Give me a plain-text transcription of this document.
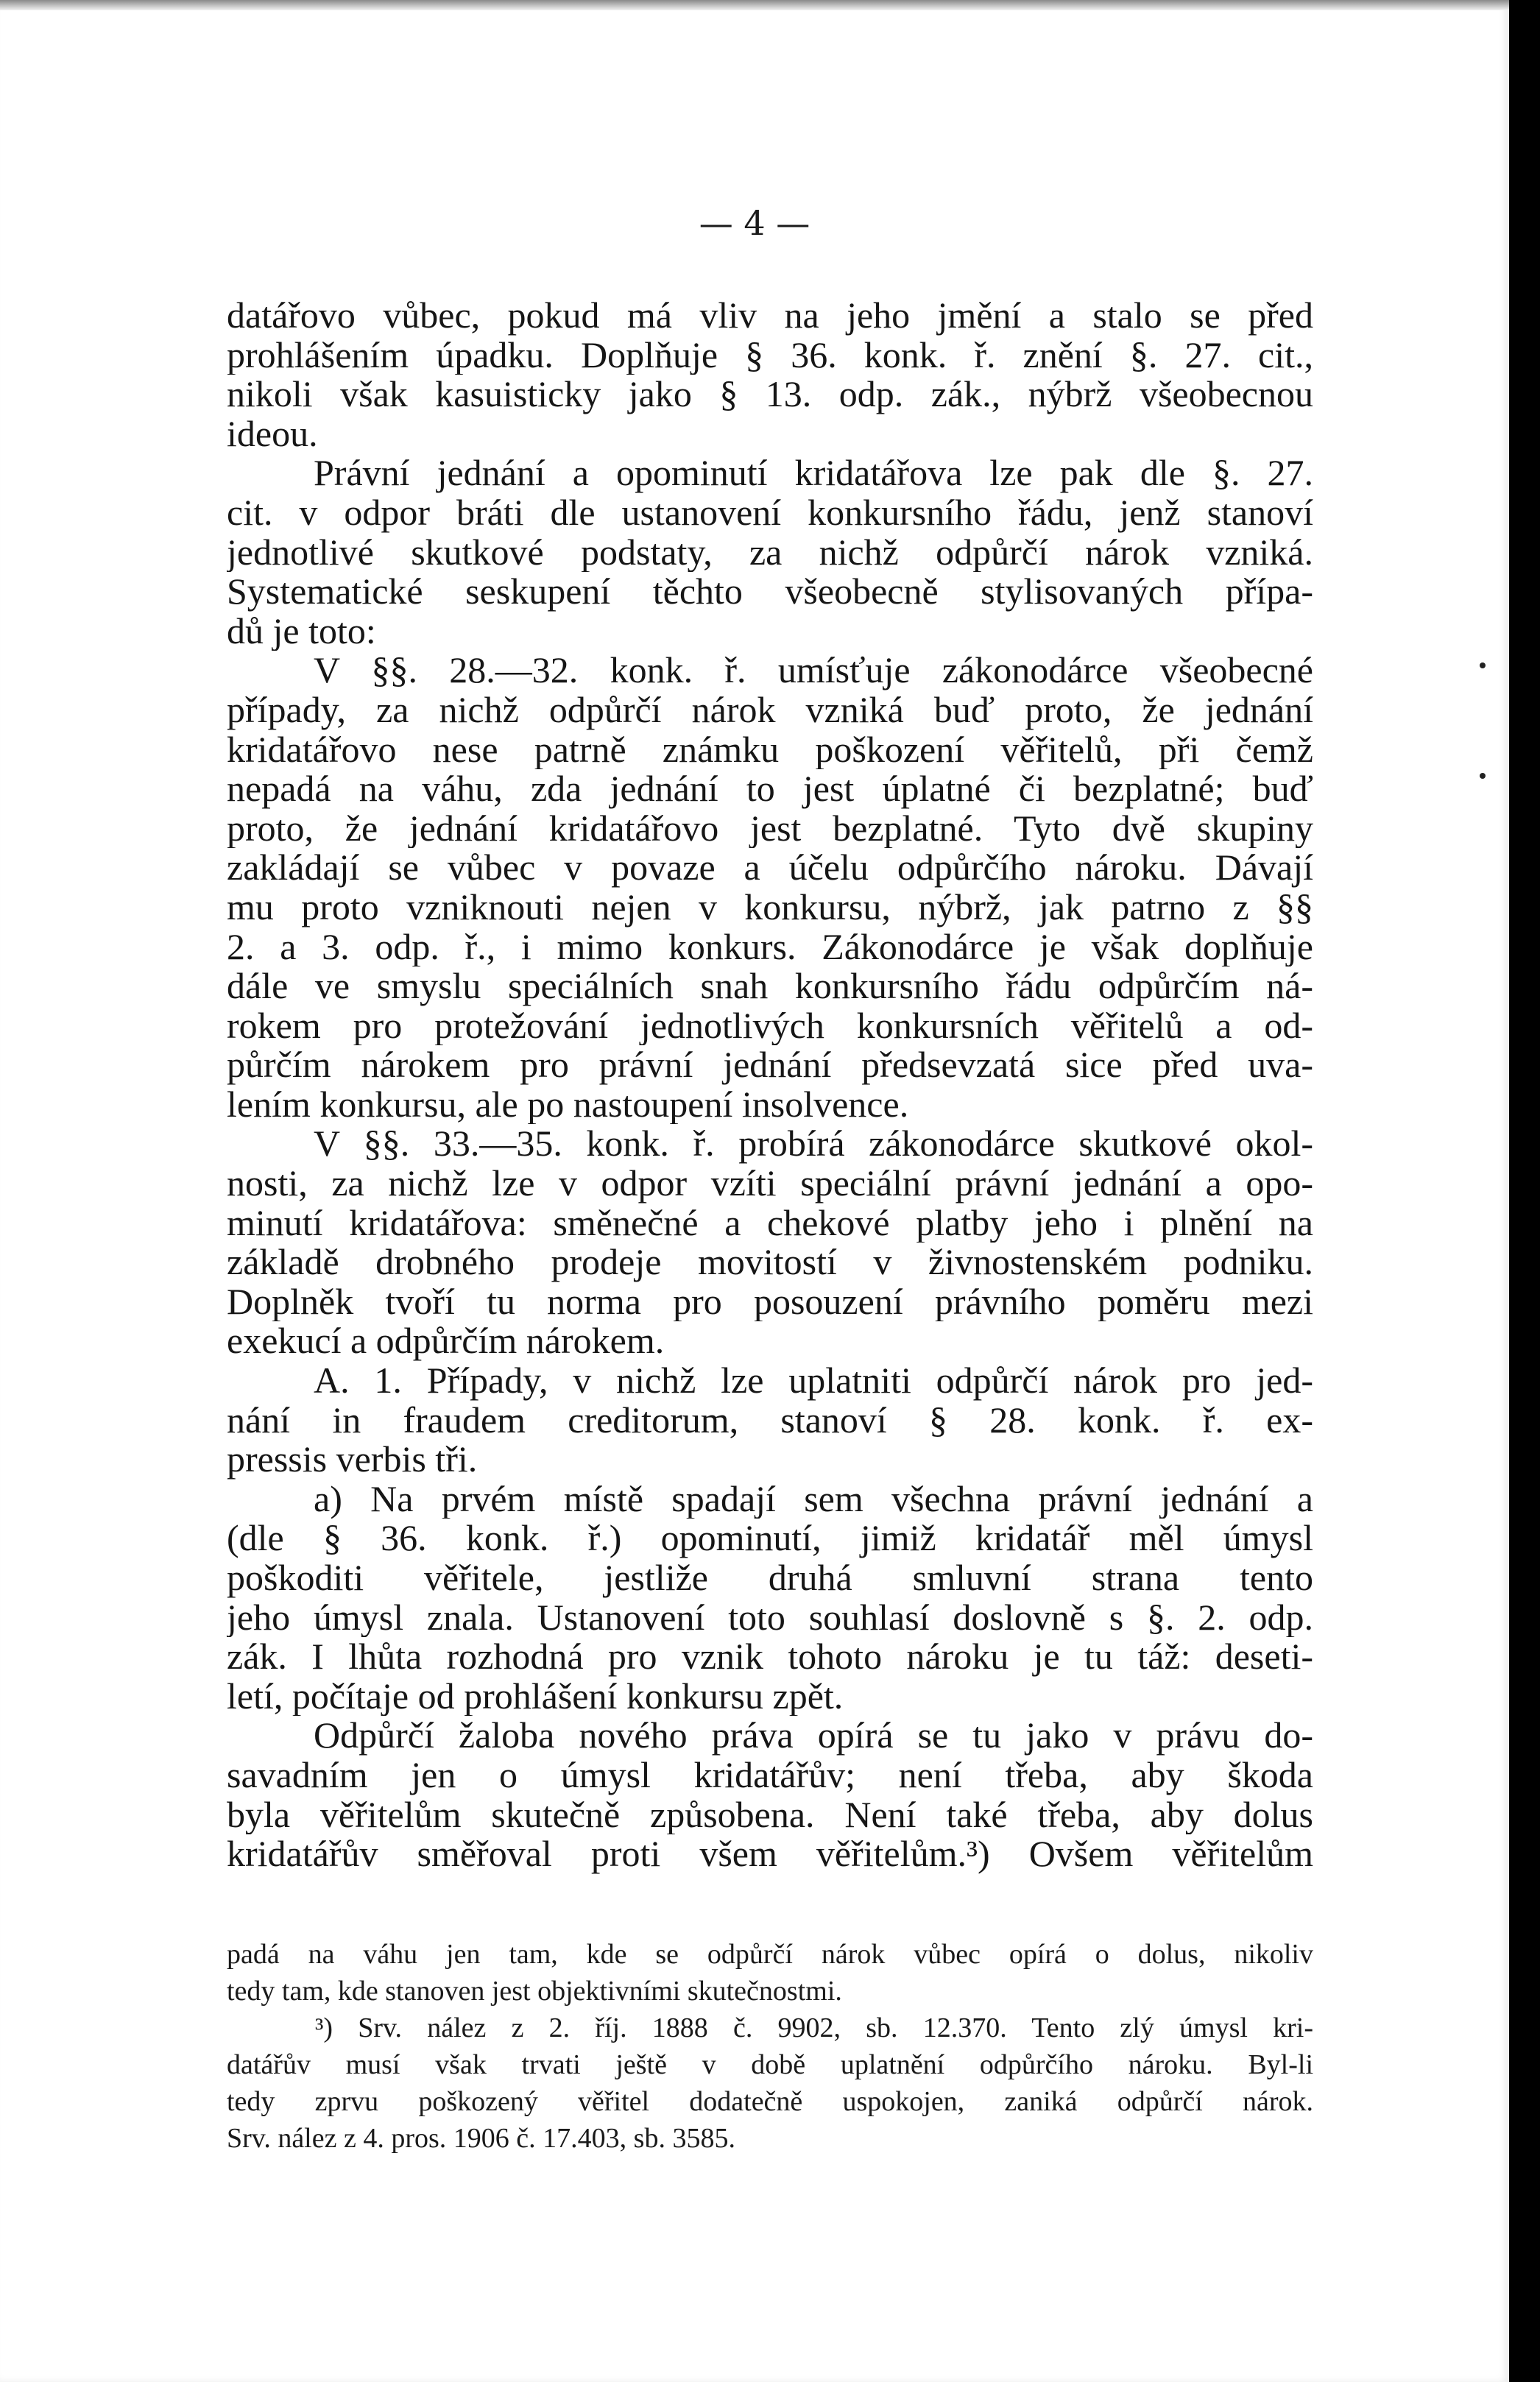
— 4 —

datářovo vůbec, pokud má vliv na jeho jmění a stalo se před
prohlášením úpadku. Doplňuje § 36. konk. ř. znění §. 27. cit.,
nikoli však kasuisticky jako § 13. odp. zák., nýbrž všeobecnou
ideou.

Právní jednání a opominutí kridatářova lze pak dle §. 27.
cit. v odpor bráti dle ustanovení konkursního řádu, jenž stanoví
jednotlivé skutkové podstaty, za nichž odpůrčí nárok vzniká.
Systematické seskupení těchto všeobecně stylisovaných přípa-
dů je toto:

V §§. 28.—32. konk. ř. umísťuje zákonodárce všeobecné
případy, za nichž odpůrčí nárok vzniká buď proto, že jednání
kridatářovo nese patrně známku poškození věřitelů, při čemž
nepadá na váhu, zda jednání to jest úplatné či bezplatné; buď
proto, že jednání kridatářovo jest bezplatné. Tyto dvě skupiny
zakládají se vůbec v povaze a účelu odpůrčího nároku. Dávají
mu proto vzniknouti nejen v konkursu, nýbrž, jak patrno z §§
2. a 3. odp. ř., i mimo konkurs. Zákonodárce je však doplňuje
dále ve smyslu speciálních snah konkursního řádu odpůrčím ná-
rokem pro protežování jednotlivých konkursních věřitelů a od-
půrčím nárokem pro právní jednání předsevzatá sice před uva-
lením konkursu, ale po nastoupení insolvence.

V §§. 33.—35. konk. ř. probírá zákonodárce skutkové okol-
nosti, za nichž lze v odpor vzíti speciální právní jednání a opo-
minutí kridatářova: směnečné a chekové platby jeho i plnění na
základě drobného prodeje movitostí v živnostenském podniku.
Doplněk tvoří tu norma pro posouzení právního poměru mezi
exekucí a odpůrčím nárokem.

A. 1. Případy, v nichž lze uplatniti odpůrčí nárok pro jed-
nání in fraudem creditorum, stanoví § 28. konk. ř. ex-
pressis verbis tři.

a) Na prvém místě spadají sem všechna právní jednání a
(dle § 36. konk. ř.) opominutí, jimiž kridatář měl úmysl
poškoditi věřitele, jestliže druhá smluvní strana tento
jeho úmysl znala. Ustanovení toto souhlasí doslovně s §. 2. odp.
zák. I lhůta rozhodná pro vznik tohoto nároku je tu táž: deseti-
letí, počítaje od prohlášení konkursu zpět.

Odpůrčí žaloba nového práva opírá se tu jako v právu do-
savadním jen o úmysl kridatářův; není třeba, aby škoda
byla věřitelům skutečně způsobena. Není také třeba, aby dolus
kridatářův směřoval proti všem věřitelům.³) Ovšem věřitelům

padá na váhu jen tam, kde se odpůrčí nárok vůbec opírá o dolus, nikoliv
tedy tam, kde stanoven jest objektivními skutečnostmi.
³) Srv. nález z 2. říj. 1888 č. 9902, sb. 12.370. Tento zlý úmysl kri-
datářův musí však trvati ještě v době uplatnění odpůrčího nároku. Byl-li
tedy zprvu poškozený věřitel dodatečně uspokojen, zaniká odpůrčí nárok.
Srv. nález z 4. pros. 1906 č. 17.403, sb. 3585.
